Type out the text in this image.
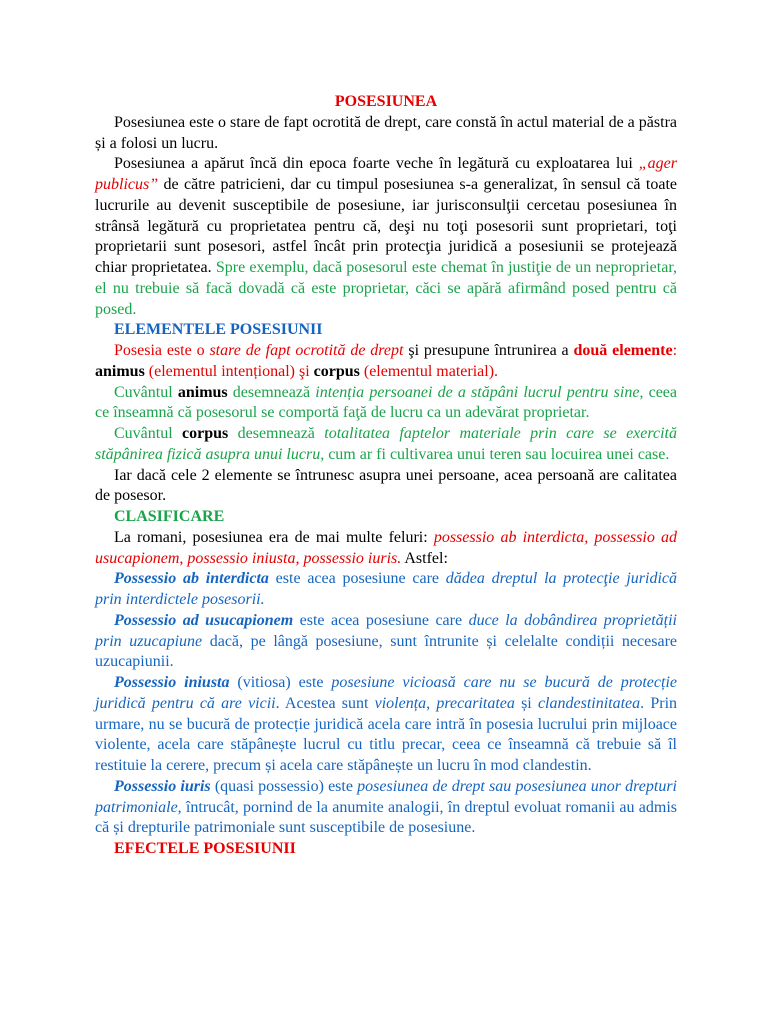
POSESIUNEA

Posesiunea este o stare de fapt ocrotită de drept, care constă în actul material de a păstra și a folosi un lucru.

Posesiunea a apărut încă din epoca foarte veche în legătură cu exploatarea lui „ager publicus” de către patricieni, dar cu timpul posesiunea s-a generalizat, în sensul că toate lucrurile au devenit susceptibile de posesiune, iar jurisconsulţii cercetau posesiunea în strânsă legătură cu proprietatea pentru că, deşi nu toţi posesorii sunt proprietari, toţi proprietarii sunt posesori, astfel încât prin protecţia juridică a posesiunii se protejează chiar proprietatea. Spre exemplu, dacă posesorul este chemat în justiţie de un neproprietar, el nu trebuie să facă dovadă că este proprietar, căci se apără afirmând posed pentru că posed.

ELEMENTELE POSESIUNII

Posesia este o stare de fapt ocrotită de drept şi presupune întrunirea a două elemente: animus (elementul intențional) şi corpus (elementul material).

Cuvântul animus desemnează intenția persoanei de a stăpâni lucrul pentru sine, ceea ce înseamnă că posesorul se comportă faţă de lucru ca un adevărat proprietar.

Cuvântul corpus desemnează totalitatea faptelor materiale prin care se exercită stăpânirea fizică asupra unui lucru, cum ar fi cultivarea unui teren sau locuirea unei case.

Iar dacă cele 2 elemente se întrunesc asupra unei persoane, acea persoană are calitatea de posesor.

CLASIFICARE

La romani, posesiunea era de mai multe feluri: possessio ab interdicta, possessio ad usucapionem, possessio iniusta, possessio iuris. Astfel:

Possessio ab interdicta este acea posesiune care dădea dreptul la protecţie juridică prin interdictele posesorii.

Possessio ad usucapionem este acea posesiune care duce la dobândirea proprietății prin uzucapiune dacă, pe lângă posesiune, sunt întrunite și celelalte condiții necesare uzucapiunii.

Possessio iniusta (vitiosa) este posesiune vicioasă care nu se bucură de protecție juridică pentru că are vicii. Acestea sunt violența, precaritatea și clandestinitatea. Prin urmare, nu se bucură de protecție juridică acela care intră în posesia lucrului prin mijloace violente, acela care stăpânește lucrul cu titlu precar, ceea ce înseamnă că trebuie să îl restituie la cerere, precum și acela care stăpânește un lucru în mod clandestin.

Possessio iuris (quasi possessio) este posesiunea de drept sau posesiunea unor drepturi patrimoniale, întrucât, pornind de la anumite analogii, în dreptul evoluat romanii au admis că și drepturile patrimoniale sunt susceptibile de posesiune.

EFECTELE POSESIUNII
